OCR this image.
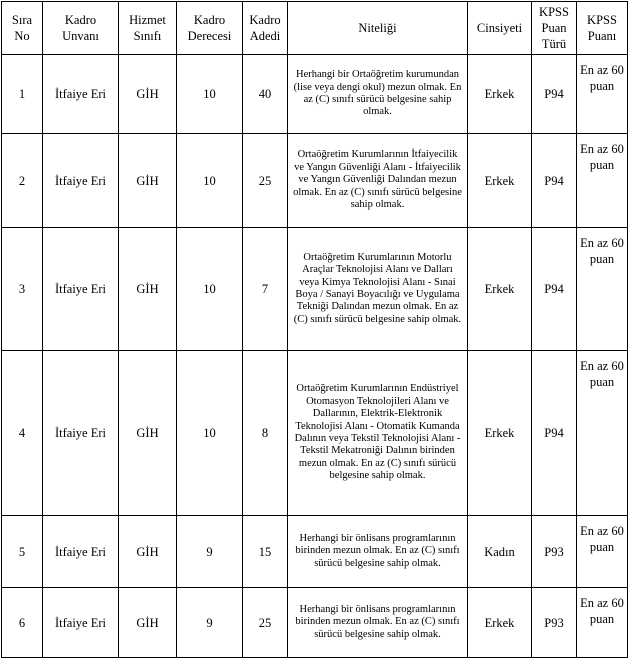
Sıra No	Kadro Unvanı	Hizmet Sınıfı	Kadro Derecesi	Kadro Adedi	Niteliği	Cinsiyeti	KPSS Puan Türü	KPSS Puanı
1	İtfaiye Eri	GİH	10	40	Herhangi bir Ortaöğretim kurumundan (lise veya dengi okul) mezun olmak. En az (C) sınıfı sürücü belgesine sahip olmak.	Erkek	P94	En az 60 puan
2	İtfaiye Eri	GİH	10	25	Ortaöğretim Kurumlarının İtfaiyecilik ve Yangın Güvenliği Alanı - İtfaiyecilik ve Yangın Güvenliği Dalından mezun olmak. En az (C) sınıfı sürücü belgesine sahip olmak.	Erkek	P94	En az 60 puan
3	İtfaiye Eri	GİH	10	7	Ortaöğretim Kurumlarının Motorlu Araçlar Teknolojisi Alanı ve Dalları veya Kimya Teknolojisi Alanı - Sınai Boya / Sanayi Boyacılığı ve Uygulama Tekniği Dalından mezun olmak. En az (C) sınıfı sürücü belgesine sahip olmak.	Erkek	P94	En az 60 puan
4	İtfaiye Eri	GİH	10	8	Ortaöğretim Kurumlarının Endüstriyel Otomasyon Teknolojileri Alanı ve Dallarının, Elektrik-Elektronik Teknolojisi Alanı - Otomatik Kumanda Dalının veya Tekstil Teknolojisi Alanı - Tekstil Mekatroniği Dalının birinden mezun olmak. En az (C) sınıfı sürücü belgesine sahip olmak.	Erkek	P94	En az 60 puan
5	İtfaiye Eri	GİH	9	15	Herhangi bir önlisans programlarının birinden mezun olmak. En az (C) sınıfı sürücü belgesine sahip olmak.	Kadın	P93	En az 60 puan
6	İtfaiye Eri	GİH	9	25	Herhangi bir önlisans programlarının birinden mezun olmak. En az (C) sınıfı sürücü belgesine sahip olmak.	Erkek	P93	En az 60 puan
